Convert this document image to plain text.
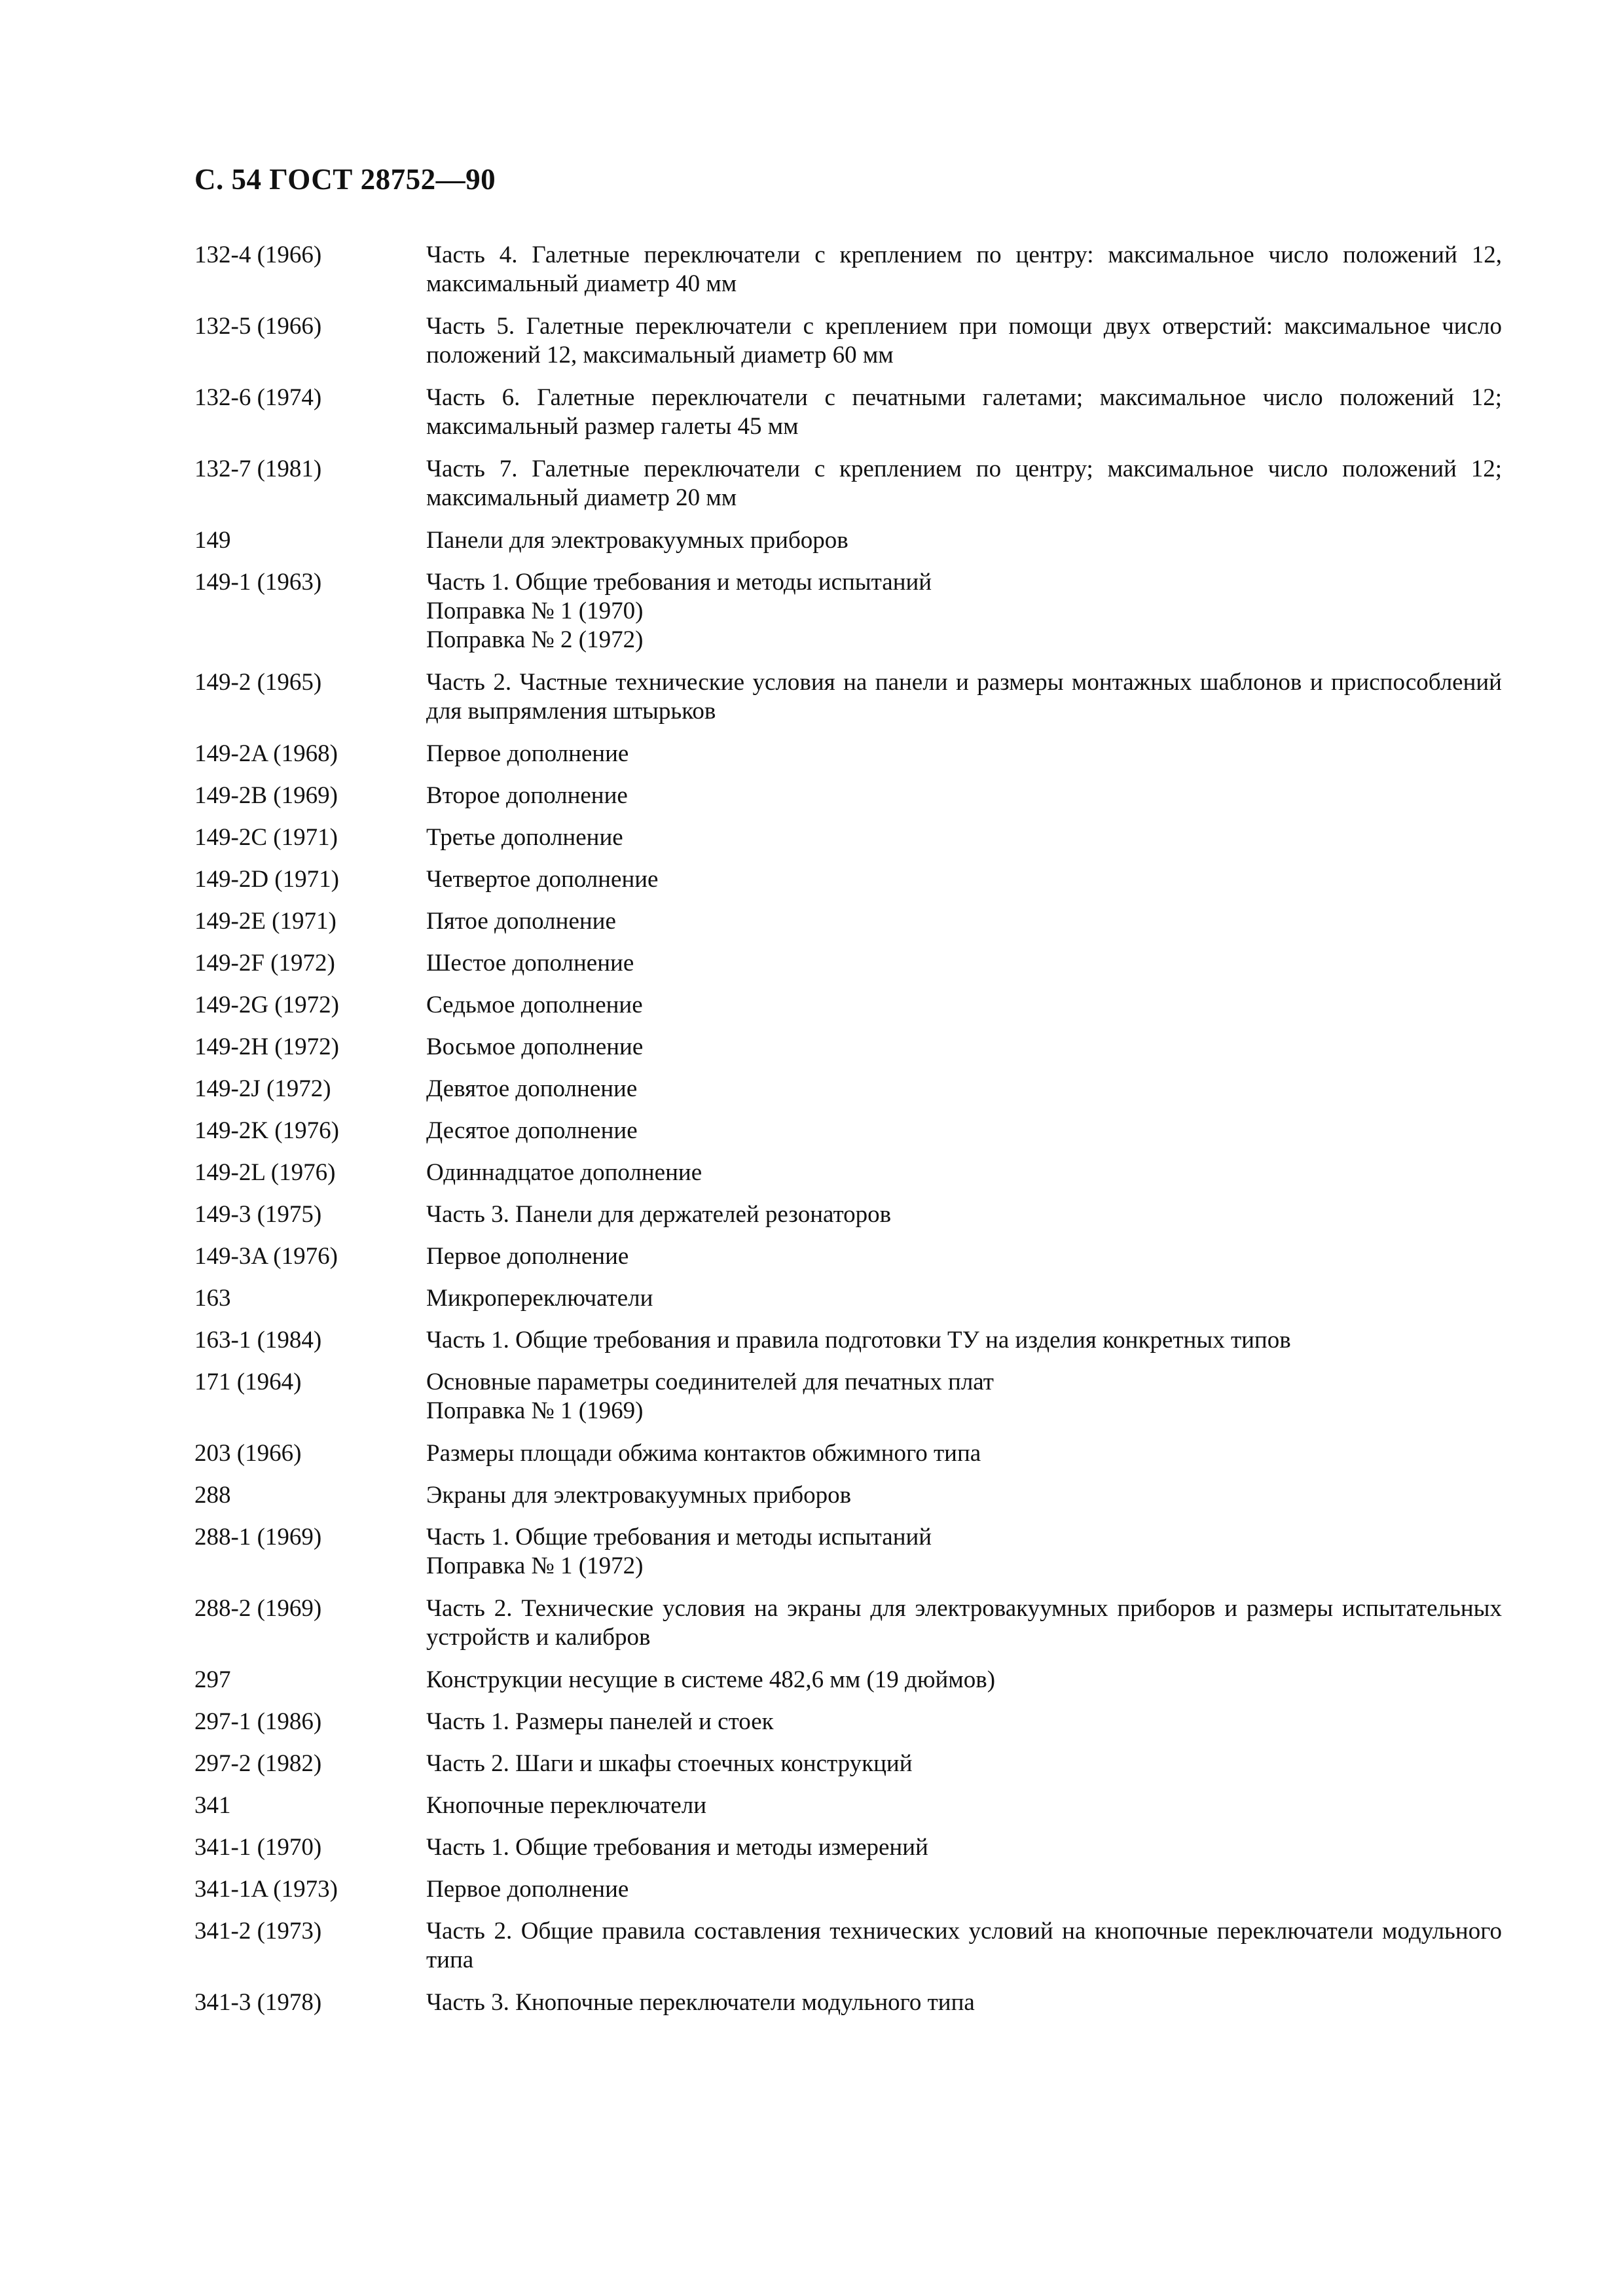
С. 54 ГОСТ 28752—90
132-4 (1966)	Часть 4. Галетные переключатели с креплением по центру: максимальное число положений 12, максимальный диаметр 40 мм
132-5 (1966)	Часть 5. Галетные переключатели с креплением при помощи двух отверстий: максимальное число положений 12, максимальный диаметр 60 мм
132-6 (1974)	Часть 6. Галетные переключатели с печатными галетами; максимальное число положений 12; максимальный размер галеты 45 мм
132-7 (1981)	Часть 7. Галетные переключатели с креплением по центру; максимальное число положений 12; максимальный диаметр 20 мм
149	Панели для электровакуумных приборов
149-1 (1963)	Часть 1. Общие требования и методы испытаний
Поправка № 1 (1970)
Поправка № 2 (1972)
149-2 (1965)	Часть 2. Частные технические условия на панели и размеры монтажных шаблонов и приспособлений для выпрямления штырьков
149-2A (1968)	Первое дополнение
149-2B (1969)	Второе дополнение
149-2C (1971)	Третье дополнение
149-2D (1971)	Четвертое дополнение
149-2E (1971)	Пятое дополнение
149-2F (1972)	Шестое дополнение
149-2G (1972)	Седьмое дополнение
149-2H (1972)	Восьмое дополнение
149-2J (1972)	Девятое дополнение
149-2K (1976)	Десятое дополнение
149-2L (1976)	Одиннадцатое дополнение
149-3 (1975)	Часть 3. Панели для держателей резонаторов
149-3A (1976)	Первое дополнение
163	Микропереключатели
163-1 (1984)	Часть 1. Общие требования и правила подготовки ТУ на изделия конкретных типов
171 (1964)	Основные параметры соединителей для печатных плат
Поправка № 1 (1969)
203 (1966)	Размеры площади обжима контактов обжимного типа
288	Экраны для электровакуумных приборов
288-1 (1969)	Часть 1. Общие требования и методы испытаний
Поправка № 1 (1972)
288-2 (1969)	Часть 2. Технические условия на экраны для электровакуумных приборов и размеры испытательных устройств и калибров
297	Конструкции несущие в системе 482,6 мм (19 дюймов)
297-1 (1986)	Часть 1. Размеры панелей и стоек
297-2 (1982)	Часть 2. Шаги и шкафы стоечных конструкций
341	Кнопочные переключатели
341-1 (1970)	Часть 1. Общие требования и методы измерений
341-1A (1973)	Первое дополнение
341-2 (1973)	Часть 2. Общие правила составления технических условий на кнопочные переключатели модульного типа
341-3 (1978)	Часть 3. Кнопочные переключатели модульного типа
